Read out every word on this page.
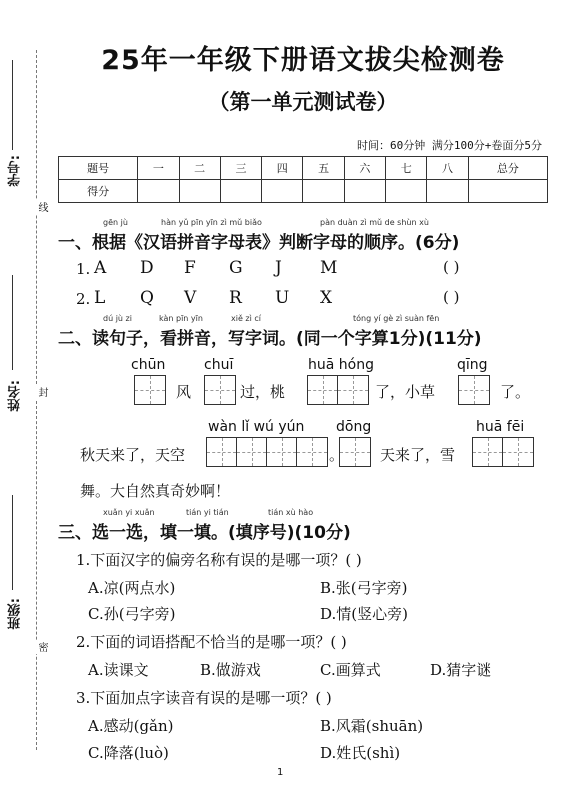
学号:
姓名:
班级:
线
封
密
25年一年级下册语文拔尖检测卷
（第一单元测试卷）
时间：60分钟 满分100分+卷面分5分
题号	一	二	三	四	五	六	七	八	总分
得分									
gēn jù	hàn yǔ pīn yīn zì mǔ biǎo	pàn duàn zì mǔ de shùn xù
一、根据《汉语拼音字母表》判断字母的顺序。(6分)
1. A D F G J M	( )
2. L Q V R U X	( )
dú jù zi	kàn pīn yīn	xiě zì cí	tóng yí gè zì suàn fēn
二、读句子，看拼音，写字词。(同一个字算1分)(11分)
chūn
风
chuī
过，桃
huā hóng
了，小草
qīng
了。
秋天来了，天空
wàn lǐ wú yún
。
dōng
天来了，雪
huā fēi
舞。大自然真奇妙啊！
xuǎn yi xuǎn	tián yi tián	tián xù hào
三、选一选，填一填。(填序号)(10分)
1.下面汉字的偏旁名称有误的是哪一项？( )
A.凉(两点水)	B.张(弓字旁)
C.孙(弓字旁)	D.情(竖心旁)
2.下面的词语搭配不恰当的是哪一项？( )
A.读课文	B.做游戏	C.画算式	D.猜字谜
3.下面加点字读音有误的是哪一项？( )
A.感动(gǎn)	B.风霜(shuān)
C.降落(luò)	D.姓氏(shì)
1
